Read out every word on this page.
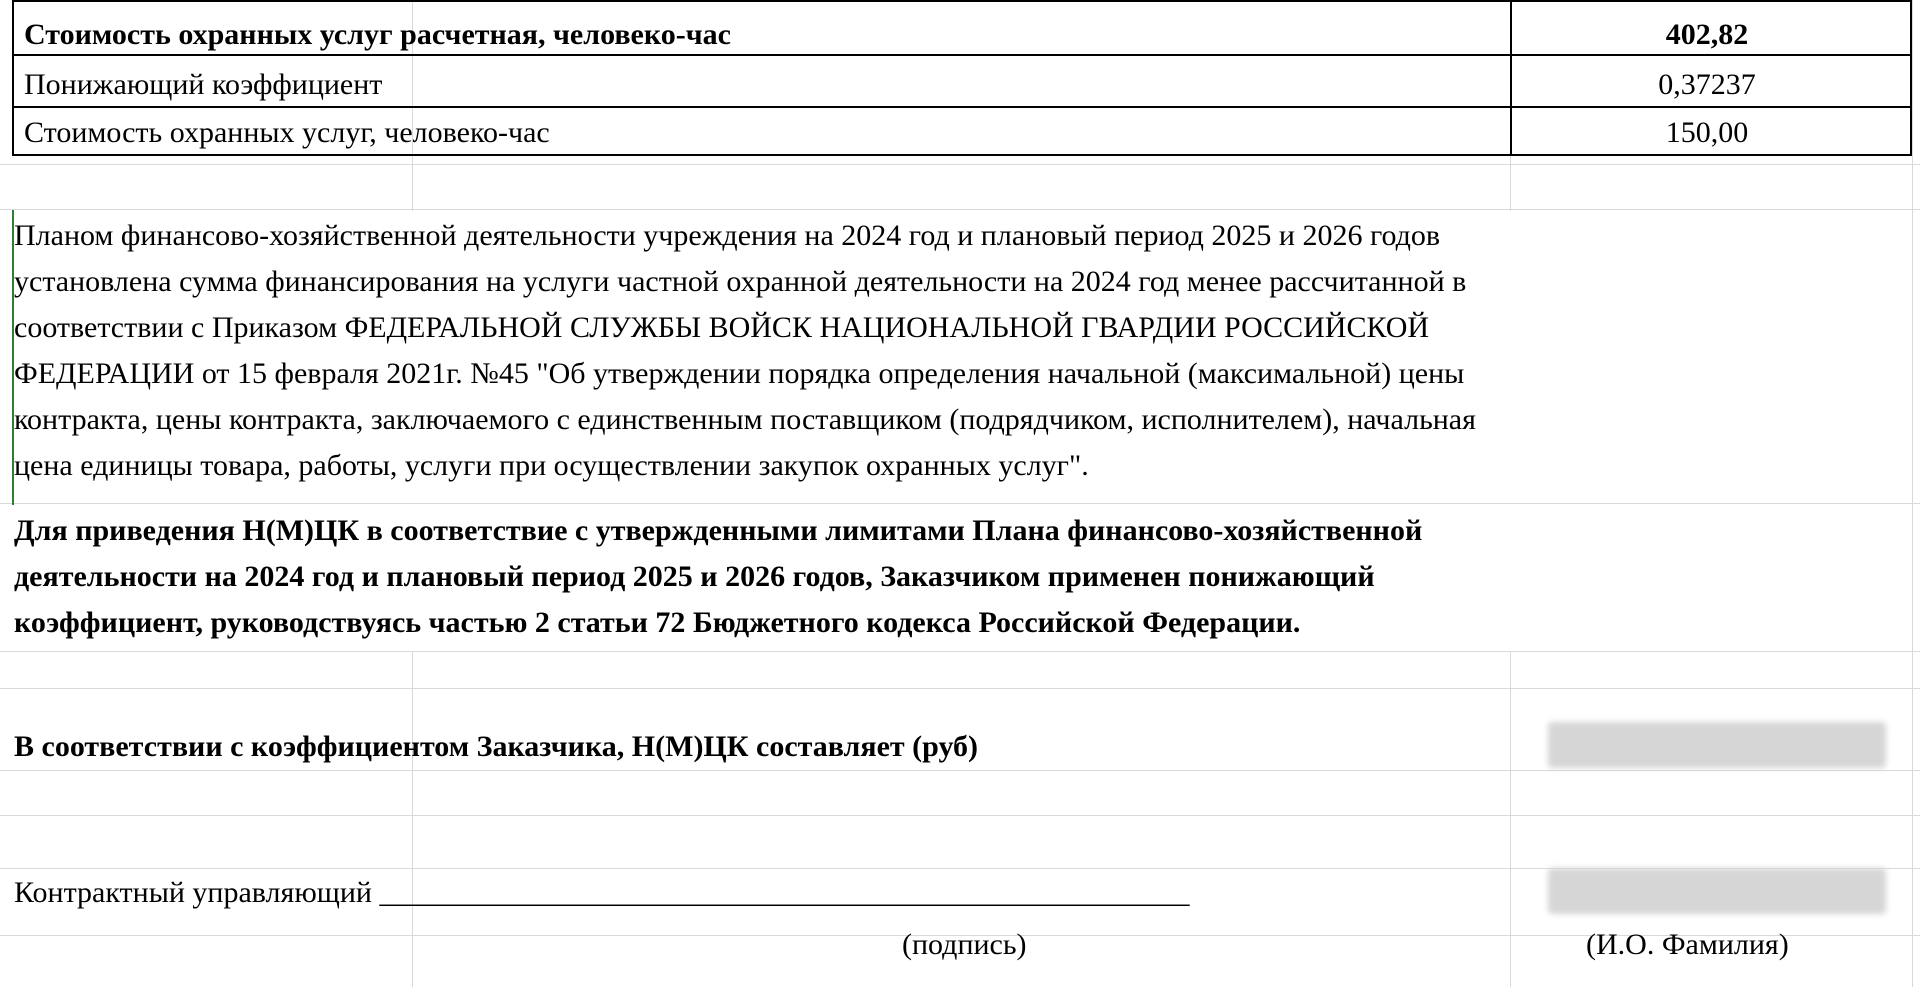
Стоимость охранных услуг расчетная, человеко-час	402,82
Понижающий коэффициент	0,37237
Стоимость охранных услуг, человеко-час	150,00
Планом финансово-хозяйственной деятельности учреждения на 2024 год и плановый период 2025 и 2026 годов
установлена сумма финансирования на услуги частной охранной деятельности на 2024 год менее рассчитанной в
соответствии с Приказом ФЕДЕРАЛЬНОЙ СЛУЖБЫ ВОЙСК НАЦИОНАЛЬНОЙ ГВАРДИИ РОССИЙСКОЙ
ФЕДЕРАЦИИ от 15 февраля 2021г. №45 "Об утверждении порядка определения начальной (максимальной) цены
контракта, цены контракта, заключаемого с единственным поставщиком (подрядчиком, исполнителем), начальная
цена единицы товара, работы, услуги при осуществлении закупок охранных услуг".
Для приведения Н(М)ЦК в соответствие с утвержденными лимитами Плана финансово-хозяйственной
деятельности на 2024 год и плановый период 2025 и 2026 годов, Заказчиком применен понижающий
коэффициент, руководствуясь частью 2 статьи 72 Бюджетного кодекса Российской Федерации.
В соответствии с коэффициентом Заказчика, Н(М)ЦК составляет (руб)
Контрактный управляющий ______________________________________________________
(подпись)	(И.О. Фамилия)
